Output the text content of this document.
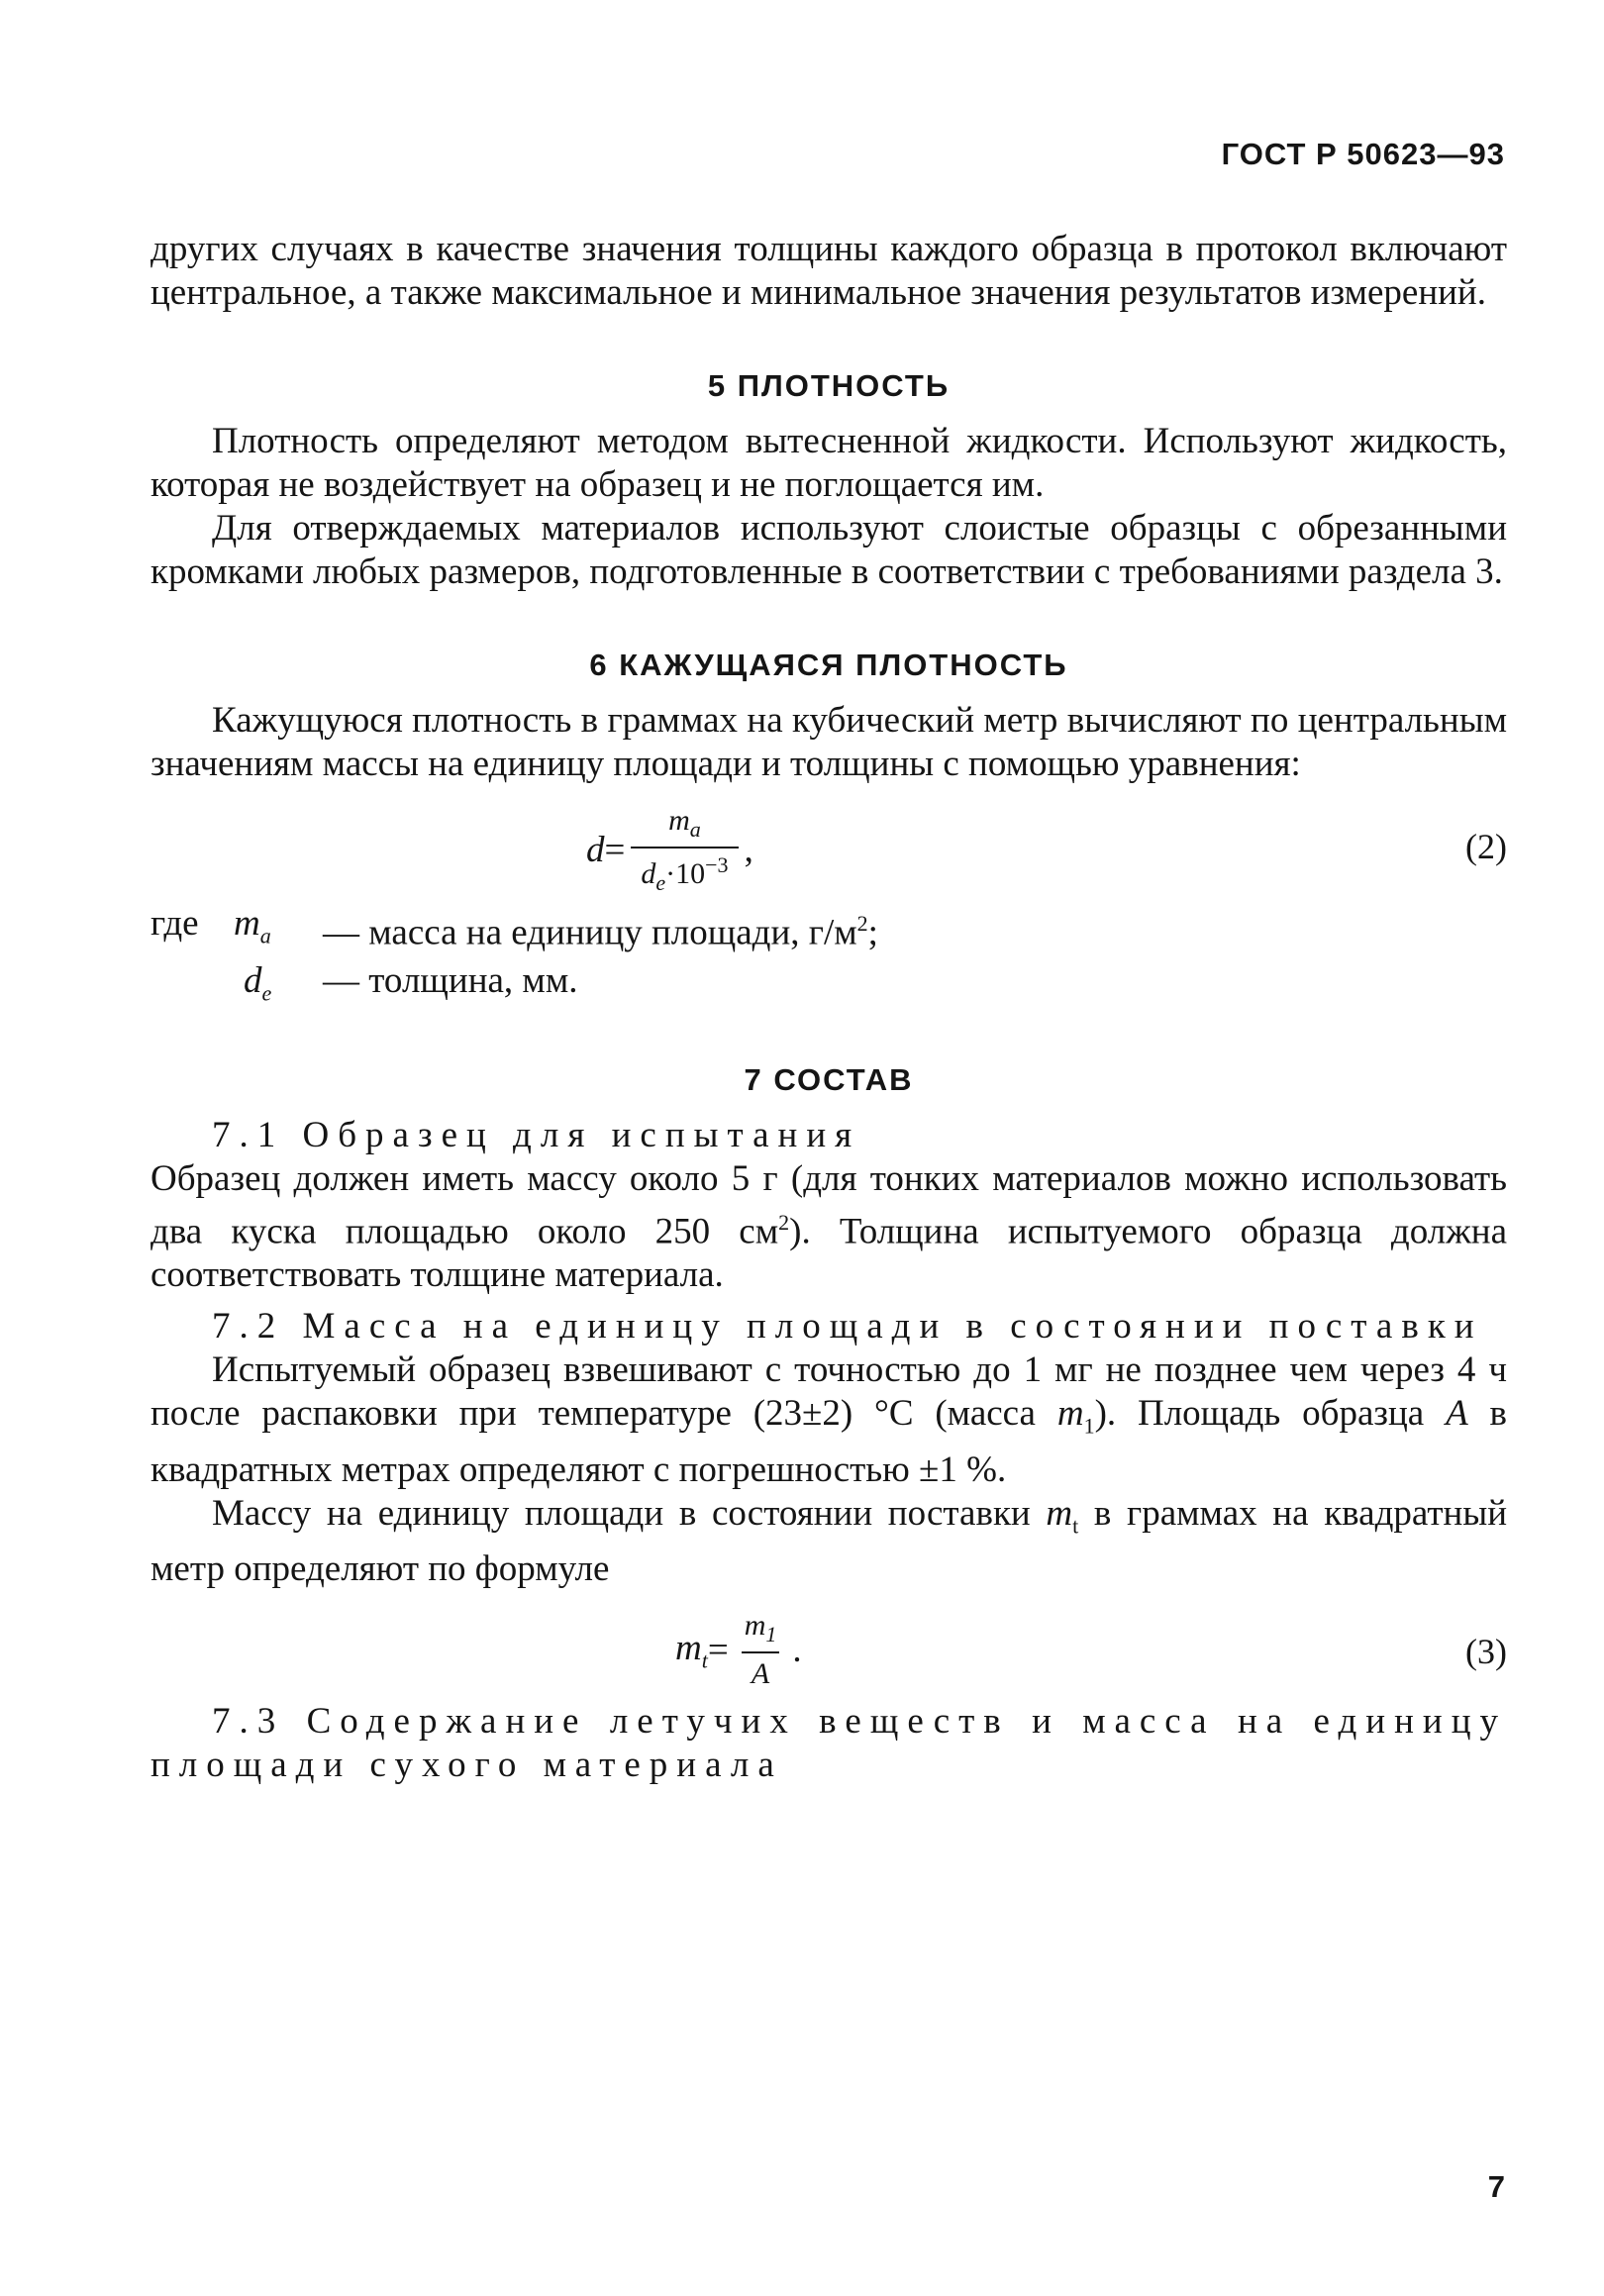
ГОСТ Р 50623—93

других случаях в качестве значения толщины каждого образца в протокол включают центральное, а также максимальное и минимальное значения результатов измерений.

5 ПЛОТНОСТЬ

Плотность определяют методом вытесненной жидкости. Используют жидкость, которая не воздействует на образец и не поглощается им.

Для отверждаемых материалов используют слоистые образцы с обрезанными кромками любых размеров, подготовленные в соответствии с требованиями раздела 3.

6 КАЖУЩАЯСЯ ПЛОТНОСТЬ

Кажущуюся плотность в граммах на кубический метр вычисляют по центральным значениям массы на единицу площади и толщины с помощью уравнения:

$d = \frac{m_a}{d_e\cdot 10^{-3}}$ ,	(2)
где $m_a$	— масса на единицу площади, $г/м^2$;
$d_e$	— толщина, мм.
7 СОСТАВ

7.1 Образец для испытания

Образец должен иметь массу около 5 г (для тонких материалов можно использовать два куска площадью около 250 $см^2$). Толщина испытуемого образца должна соответствовать толщине материала.

7.2 Масса на единицу площади в состоянии поставки

Испытуемый образец взвешивают с точностью до 1 мг не позднее чем через 4 ч после распаковки при температуре (23±2) °С (масса $m_1$). Площадь образца A в квадратных метрах определяют с погрешностью ±1 %.

Массу на единицу площади в состоянии поставки $m_t$ в граммах на квадратный метр определяют по формуле

$m_t = \frac{m_1}{A}$ .	(3)

7.3 Содержание летучих веществ и масса на единицу площади сухого материала

7
